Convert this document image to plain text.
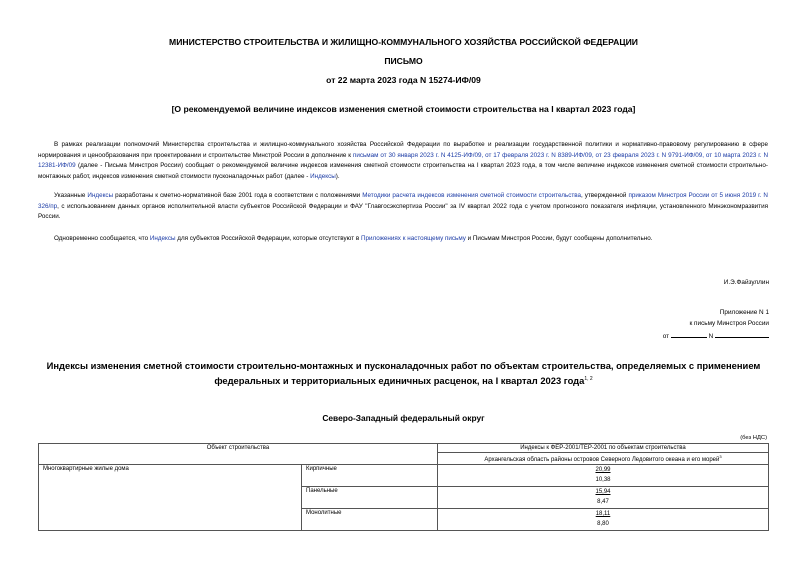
МИНИСТЕРСТВО СТРОИТЕЛЬСТВА И ЖИЛИЩНО-КОММУНАЛЬНОГО ХОЗЯЙСТВА РОССИЙСКОЙ ФЕДЕРАЦИИ
ПИСЬМО
от 22 марта 2023 года N 15274-ИФ/09
[О рекомендуемой величине индексов изменения сметной стоимости строительства на I квартал 2023 года]
В рамках реализации полномочий Министерства строительства и жилищно-коммунального хозяйства Российской Федерации по выработке и реализации государственной политики и нормативно-правовому регулированию в сфере нормирования и ценообразования при проектировании и строительстве Минстрой России в дополнение к письмам от 30 января 2023 г. N 4125-ИФ/09, от 17 февраля 2023 г. N 8389-ИФ/09, от 23 февраля 2023 г. N 9791-ИФ/09, от 10 марта 2023 г. N 12381-ИФ/09 (далее - Письма Минстроя России) сообщает о рекомендуемой величине индексов изменения сметной стоимости строительства на I квартал 2023 года, в том числе величине индексов изменения сметной стоимости строительно-монтажных работ, индексов изменения сметной стоимости пусконаладочных работ (далее - Индексы).
Указанные Индексы разработаны к сметно-нормативной базе 2001 года в соответствии с положениями Методики расчета индексов изменения сметной стоимости строительства, утвержденной приказом Минстроя России от 5 июня 2019 г. N 326/пр, с использованием данных органов исполнительной власти субъектов Российской Федерации и ФАУ "Главгосэкспертиза России" за IV квартал 2022 года с учетом прогнозного показателя инфляции, установленного Минэкономразвития России.
Одновременно сообщается, что Индексы для субъектов Российской Федерации, которые отсутствуют в Приложениях к настоящему письму и Письмам Минстроя России, будут сообщены дополнительно.
И.Э.Файзуллин
Приложение N 1
к письму Минстроя России
от	N
Индексы изменения сметной стоимости строительно-монтажных и пусконаладочных работ по объектам строительства, определяемых с применением
федеральных и территориальных единичных расценок, на I квартал 2023 года$^{1, 2}$
Северо-Западный федеральный округ
(без НДС)
Объект строительства		Индексы к ФЕР-2001/ТЕР-2001 по объектам строительства
		Архангельская область районы островов Северного Ледовитого океана и его морей$^3$
Многоквартирные жилые дома	Кирпичные	20,99
10,38

	Панельные	15,94
8,47

	Монолитные	18,11
8,80
